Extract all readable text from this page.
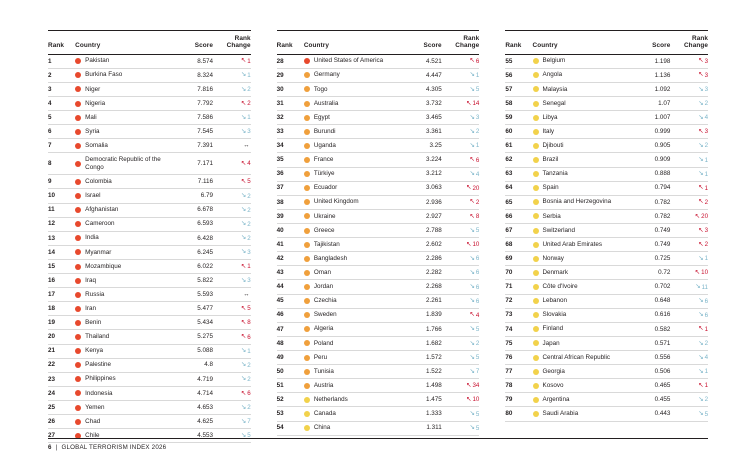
Rank	Country	Score	Rank Change
1	Pakistan	8.574	↖ 1

2	Burkina Faso	8.324	↘ 1

3	Niger	7.816	↘ 2

4	Nigeria	7.792	↖ 2

5	Mali	7.586	↘ 1

6	Syria	7.545	↘ 3

7	Somalia	7.391	↔

8	Democratic Republic of the Congo	7.171	↖ 4

9	Colombia	7.116	↖ 5

10	Israel	6.79	↘ 2

11	Afghanistan	6.678	↘ 2

12	Cameroon	6.593	↘ 2

13	India	6.428	↘ 2

14	Myanmar	6.245	↘ 3

15	Mozambique	6.022	↖ 1

16	Iraq	5.822	↘ 3

17	Russia	5.593	↔

18	Iran	5.477	↖ 5

19	Benin	5.434	↖ 8

20	Thailand	5.275	↖ 6

21	Kenya	5.088	↘ 1

22	Palestine	4.8	↘ 2

23	Philippines	4.719	↘ 2

24	Indonesia	4.714	↖ 6

25	Yemen	4.653	↘ 2

26	Chad	4.625	↘ 7

27	Chile	4.553	↘ 5
Rank	Country	Score	Rank Change
28	United States of America	4.521	↖ 6

29	Germany	4.447	↘ 1

30	Togo	4.305	↘ 5

31	Australia	3.732	↖ 14

32	Egypt	3.465	↘ 3

33	Burundi	3.361	↘ 2

34	Uganda	3.25	↘ 1

35	France	3.224	↖ 6

36	Türkiye	3.212	↘ 4

37	Ecuador	3.063	↖ 20

38	United Kingdom	2.936	↖ 2

39	Ukraine	2.927	↖ 8

40	Greece	2.788	↘ 5

41	Tajikistan	2.602	↖ 10

42	Bangladesh	2.286	↘ 6

43	Oman	2.282	↘ 6

44	Jordan	2.268	↘ 6

45	Czechia	2.261	↘ 6

46	Sweden	1.839	↖ 4

47	Algeria	1.766	↘ 5

48	Poland	1.682	↘ 2

49	Peru	1.572	↘ 5

50	Tunisia	1.522	↘ 7

51	Austria	1.498	↖ 34

52	Netherlands	1.475	↖ 10

53	Canada	1.333	↘ 5

54	China	1.311	↘ 5
Rank	Country	Score	Rank Change
55	Belgium	1.198	↖ 3

56	Angola	1.136	↖ 3

57	Malaysia	1.092	↘ 3

58	Senegal	1.07	↘ 2

59	Libya	1.007	↘ 4

60	Italy	0.999	↖ 3

61	Djibouti	0.905	↘ 2

62	Brazil	0.909	↘ 1

63	Tanzania	0.888	↘ 1

64	Spain	0.794	↖ 1

65	Bosnia and Herzegovina	0.782	↖ 2

66	Serbia	0.782	↖ 20

67	Switzerland	0.749	↖ 3

68	United Arab Emirates	0.749	↖ 2

69	Norway	0.725	↘ 1

70	Denmark	0.72	↖ 10

71	Côte d'Ivoire	0.702	↘ 11

72	Lebanon	0.648	↘ 6

73	Slovakia	0.616	↘ 6

74	Finland	0.582	↖ 1

75	Japan	0.571	↘ 2

76	Central African Republic	0.556	↘ 4

77	Georgia	0.506	↘ 1

78	Kosovo	0.465	↖ 1

79	Argentina	0.455	↘ 2

80	Saudi Arabia	0.443	↘ 5
6 | GLOBAL TERRORISM INDEX 2026
